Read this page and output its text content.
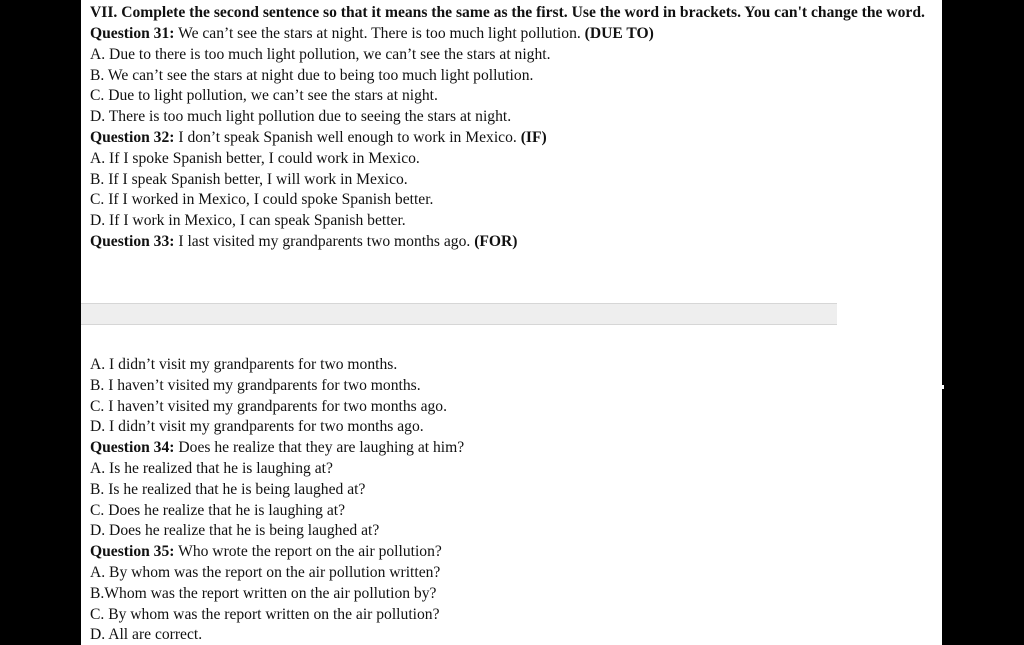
VII. Complete the second sentence so that it means the same as the first. Use the word in brackets. You can't change the word.
Question 31: We can’t see the stars at night. There is too much light pollution. (DUE TO)
A. Due to there is too much light pollution, we can’t see the stars at night.
B. We can’t see the stars at night due to being too much light pollution.
C. Due to light pollution, we can’t see the stars at night.
D. There is too much light pollution due to seeing the stars at night.
Question 32: I don’t speak Spanish well enough to work in Mexico. (IF)
A. If I spoke Spanish better, I could work in Mexico.
B. If I speak Spanish better, I will work in Mexico.
C. If I worked in Mexico, I could spoke Spanish better.
D. If I work in Mexico, I can speak Spanish better.
Question 33: I last visited my grandparents two months ago. (FOR)
A. I didn’t visit my grandparents for two months.
B. I haven’t visited my grandparents for two months.
C. I haven’t visited my grandparents for two months ago.
D. I didn’t visit my grandparents for two months ago.
Question 34: Does he realize that they are laughing at him?
A. Is he realized that he is laughing at?
B. Is he realized that he is being laughed at?
C. Does he realize that he is laughing at?
D. Does he realize that he is being laughed at?
Question 35: Who wrote the report on the air pollution?
A. By whom was the report on the air pollution written?
B.Whom was the report written on the air pollution by?
C. By whom was the report written on the air pollution?
D. All are correct.
